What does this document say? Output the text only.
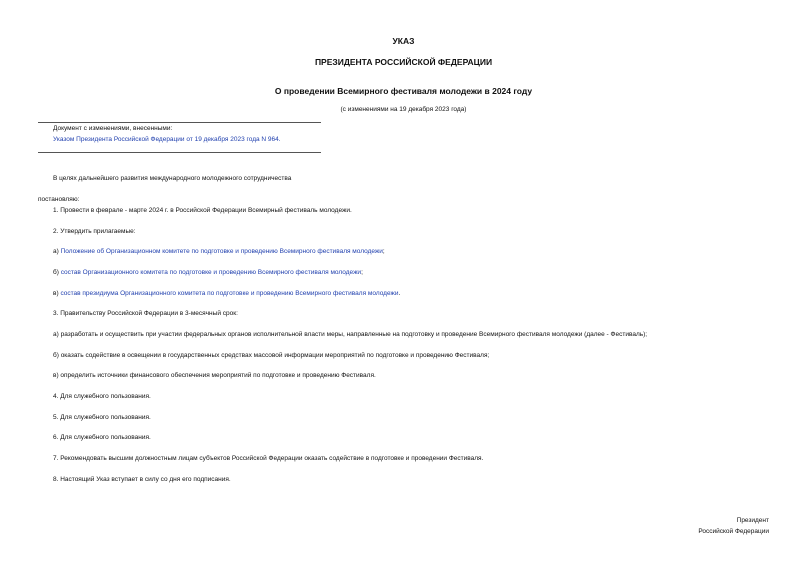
УКАЗ
ПРЕЗИДЕНТА РОССИЙСКОЙ ФЕДЕРАЦИИ
О проведении Всемирного фестиваля молодежи в 2024 году
(с изменениями на 19 декабря 2023 года)
Документ с изменениями, внесенными:
Указом Президента Российской Федерации от 19 декабря 2023 года N 964.
В целях дальнейшего развития международного молодежного сотрудничества
постановляю:
1. Провести в феврале - марте 2024 г. в Российской Федерации Всемирный фестиваль молодежи.
2. Утвердить прилагаемые:
а) Положение об Организационном комитете по подготовке и проведению Всемирного фестиваля молодежи;
б) состав Организационного комитета по подготовке и проведению Всемирного фестиваля молодежи;
в) состав президиума Организационного комитета по подготовке и проведению Всемирного фестиваля молодежи.
3. Правительству Российской Федерации в 3-месячный срок:
а) разработать и осуществить при участии федеральных органов исполнительной власти меры, направленные на подготовку и проведение Всемирного фестиваля молодежи (далее - Фестиваль);
б) оказать содействие в освещении в государственных средствах массовой информации мероприятий по подготовке и проведению Фестиваля;
в) определить источники финансового обеспечения мероприятий по подготовке и проведению Фестиваля.
4. Для служебного пользования.
5. Для служебного пользования.
6. Для служебного пользования.
7. Рекомендовать высшим должностным лицам субъектов Российской Федерации оказать содействие в подготовке и проведении Фестиваля.
8. Настоящий Указ вступает в силу со дня его подписания.
Президент
Российской Федерации
